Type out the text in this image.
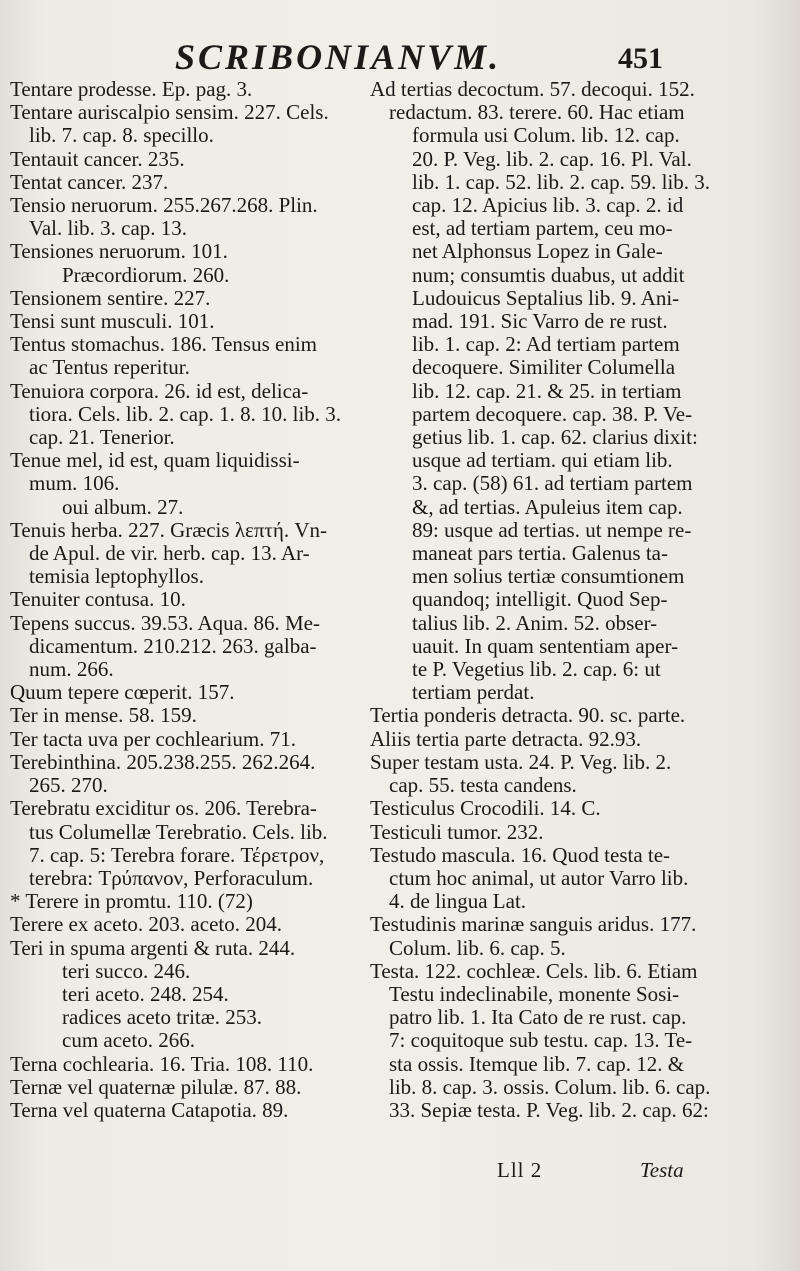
SCRIBONIANVM.	451
Tentare prodesse. Ep. pag. 3.
Tentare auriscalpio sensim. 227. Cels.
lib. 7. cap. 8. specillo.
Tentauit cancer. 235.
Tentat cancer. 237.
Tensio neruorum. 255.267.268. Plin.
Val. lib. 3. cap. 13.
Tensiones neruorum. 101.
Præcordiorum. 260.
Tensionem sentire. 227.
Tensi sunt musculi. 101.
Tentus stomachus. 186. Tensus enim
ac Tentus reperitur.
Tenuiora corpora. 26. id est, delica-
tiora. Cels. lib. 2. cap. 1. 8. 10. lib. 3.
cap. 21. Tenerior.
Tenue mel, id est, quam liquidissi-
mum. 106.
oui album. 27.
Tenuis herba. 227. Græcis λεπτή. Vn-
de Apul. de vir. herb. cap. 13. Ar-
temisia leptophyllos.
Tenuiter contusa. 10.
Tepens succus. 39.53. Aqua. 86. Me-
dicamentum. 210.212. 263. galba-
num. 266.
Quum tepere cœperit. 157.
Ter in mense. 58. 159.
Ter tacta uva per cochlearium. 71.
Terebinthina. 205.238.255. 262.264.
265. 270.
Terebratu exciditur os. 206. Terebra-
tus Columellæ Terebratio. Cels. lib.
7. cap. 5: Terebra forare. Τέρετρον,
terebra: Τρύπανον, Perforaculum.
* Terere in promtu. 110. (72)
Terere ex aceto. 203. aceto. 204.
Teri in spuma argenti & ruta. 244.
teri succo. 246.
teri aceto. 248. 254.
radices aceto tritæ. 253.
cum aceto. 266.
Terna cochlearia. 16. Tria. 108. 110.
Ternæ vel quaternæ pilulæ. 87. 88.
Terna vel quaterna Catapotia. 89.
Ad tertias decoctum. 57. decoqui. 152.
redactum. 83. terere. 60. Hac etiam
formula usi Colum. lib. 12. cap.
20. P. Veg. lib. 2. cap. 16. Pl. Val.
lib. 1. cap. 52. lib. 2. cap. 59. lib. 3.
cap. 12. Apicius lib. 3. cap. 2. id
est, ad tertiam partem, ceu mo-
net Alphonsus Lopez in Gale-
num; consumtis duabus, ut addit
Ludouicus Septalius lib. 9. Ani-
mad. 191. Sic Varro de re rust.
lib. 1. cap. 2: Ad tertiam partem
decoquere. Similiter Columella
lib. 12. cap. 21. & 25. in tertiam
partem decoquere. cap. 38. P. Ve-
getius lib. 1. cap. 62. clarius dixit:
usque ad tertiam. qui etiam lib.
3. cap. (58) 61. ad tertiam partem
&, ad tertias. Apuleius item cap.
89: usque ad tertias. ut nempe re-
maneat pars tertia. Galenus ta-
men solius tertiæ consumtionem
quandoq; intelligit. Quod Sep-
talius lib. 2. Anim. 52. obser-
uauit. In quam sententiam aper-
te P. Vegetius lib. 2. cap. 6: ut
tertiam perdat.
Tertia ponderis detracta. 90. sc. parte.
Aliis tertia parte detracta. 92.93.
Super testam usta. 24. P. Veg. lib. 2.
cap. 55. testa candens.
Testiculus Crocodili. 14. C.
Testiculi tumor. 232.
Testudo mascula. 16. Quod testa te-
ctum hoc animal, ut autor Varro lib.
4. de lingua Lat.
Testudinis marinæ sanguis aridus. 177.
Colum. lib. 6. cap. 5.
Testa. 122. cochleæ. Cels. lib. 6. Etiam
Testu indeclinabile, monente Sosi-
patro lib. 1. Ita Cato de re rust. cap.
7: coquitoque sub testu. cap. 13. Te-
sta ossis. Itemque lib. 7. cap. 12. &
lib. 8. cap. 3. ossis. Colum. lib. 6. cap.
33. Sepiæ testa. P. Veg. lib. 2. cap. 62:
Lll 2	Testa
